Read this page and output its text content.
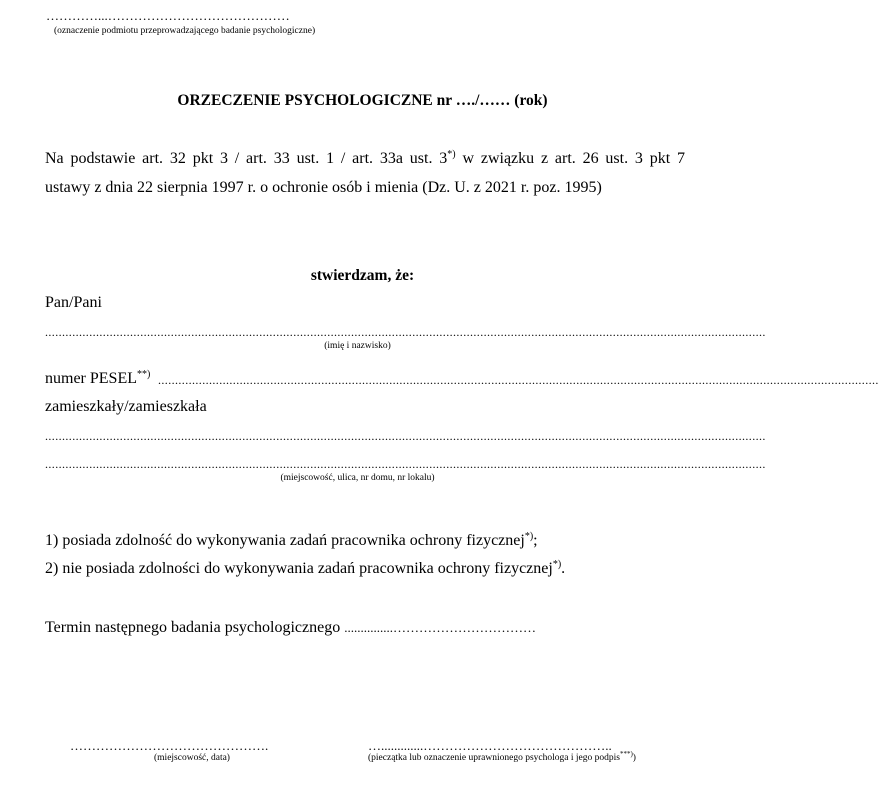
…………...……………………………………
(oznaczenie podmiotu przeprowadzającego badanie psychologiczne)
ORZECZENIE PSYCHOLOGICZNE nr …./…… (rok)
Na podstawie art. 32 pkt 3 / art. 33 ust. 1 / art. 33a ust. 3*) w związku z art. 26 ust. 3 pkt 7
ustawy z dnia 22 sierpnia 1997 r. o ochronie osób i mienia (Dz. U. z 2021 r. poz. 1995)
stwierdzam, że:
Pan/Pani
....................................................................................................................................................................................................................
(imię i nazwisko)
numer PESEL**) ....................................................................................................................................................................................................................
zamieszkały/zamieszkała
....................................................................................................................................................................................................................
....................................................................................................................................................................................................................
(miejscowość, ulica, nr domu, nr lokalu)
1) posiada zdolność do wykonywania zadań pracownika ochrony fizycznej*);
2) nie posiada zdolności do wykonywania zadań pracownika ochrony fizycznej*).
Termin następnego badania psychologicznego ...............……………………………
……………………………………….
(miejscowość, data)
….............……………………………………..
(pieczątka lub oznaczenie uprawnionego psychologa i jego podpis***))
